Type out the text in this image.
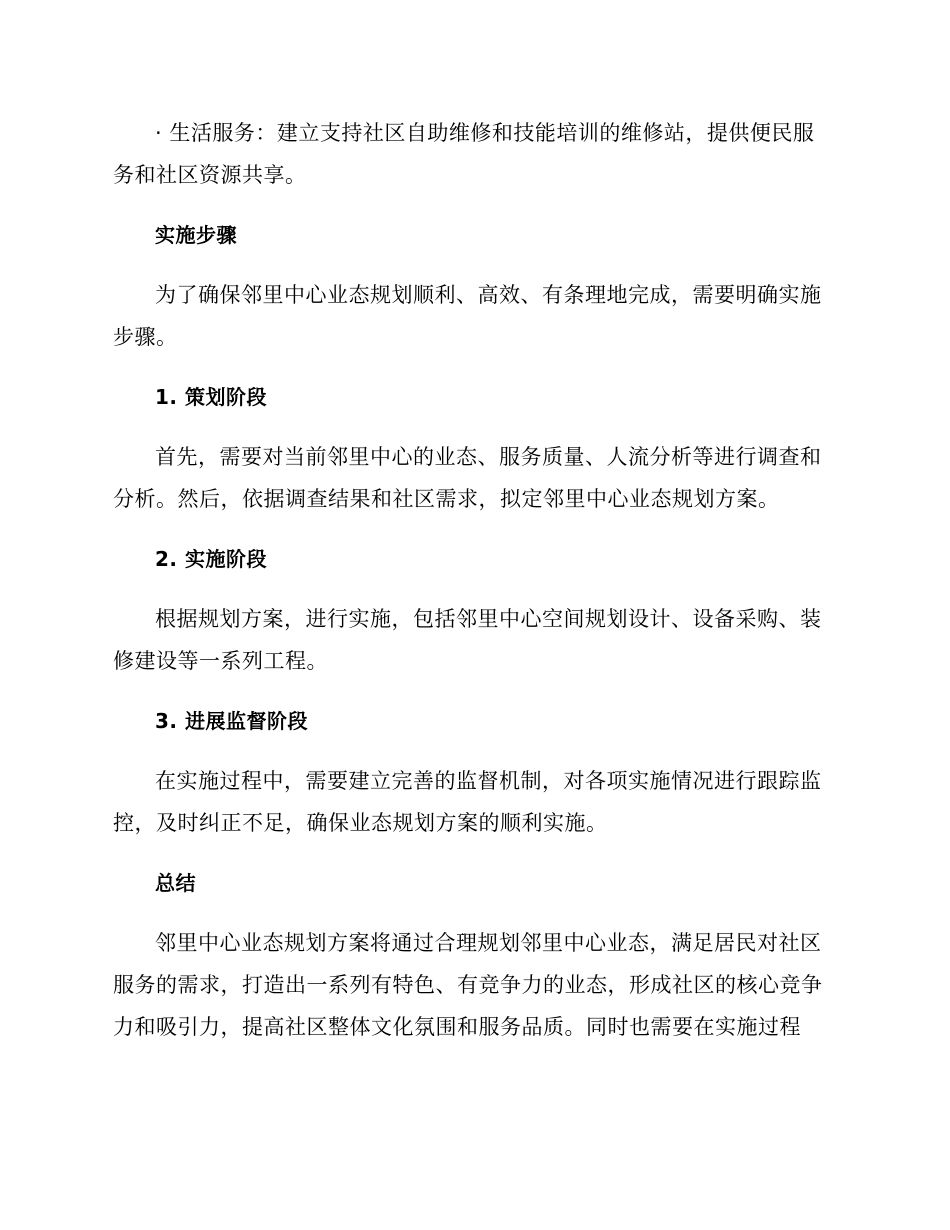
· 生活服务：建立支持社区自助维修和技能培训的维修站，提供便民服务和社区资源共享。

实施步骤

为了确保邻里中心业态规划顺利、高效、有条理地完成，需要明确实施步骤。

1. 策划阶段

首先，需要对当前邻里中心的业态、服务质量、人流分析等进行调查和分析。然后，依据调查结果和社区需求，拟定邻里中心业态规划方案。

2. 实施阶段

根据规划方案，进行实施，包括邻里中心空间规划设计、设备采购、装修建设等一系列工程。

3. 进展监督阶段

在实施过程中，需要建立完善的监督机制，对各项实施情况进行跟踪监控，及时纠正不足，确保业态规划方案的顺利实施。

总结

邻里中心业态规划方案将通过合理规划邻里中心业态，满足居民对社区服务的需求，打造出一系列有特色、有竞争力的业态，形成社区的核心竞争力和吸引力，提高社区整体文化氛围和服务品质。同时也需要在实施过程
